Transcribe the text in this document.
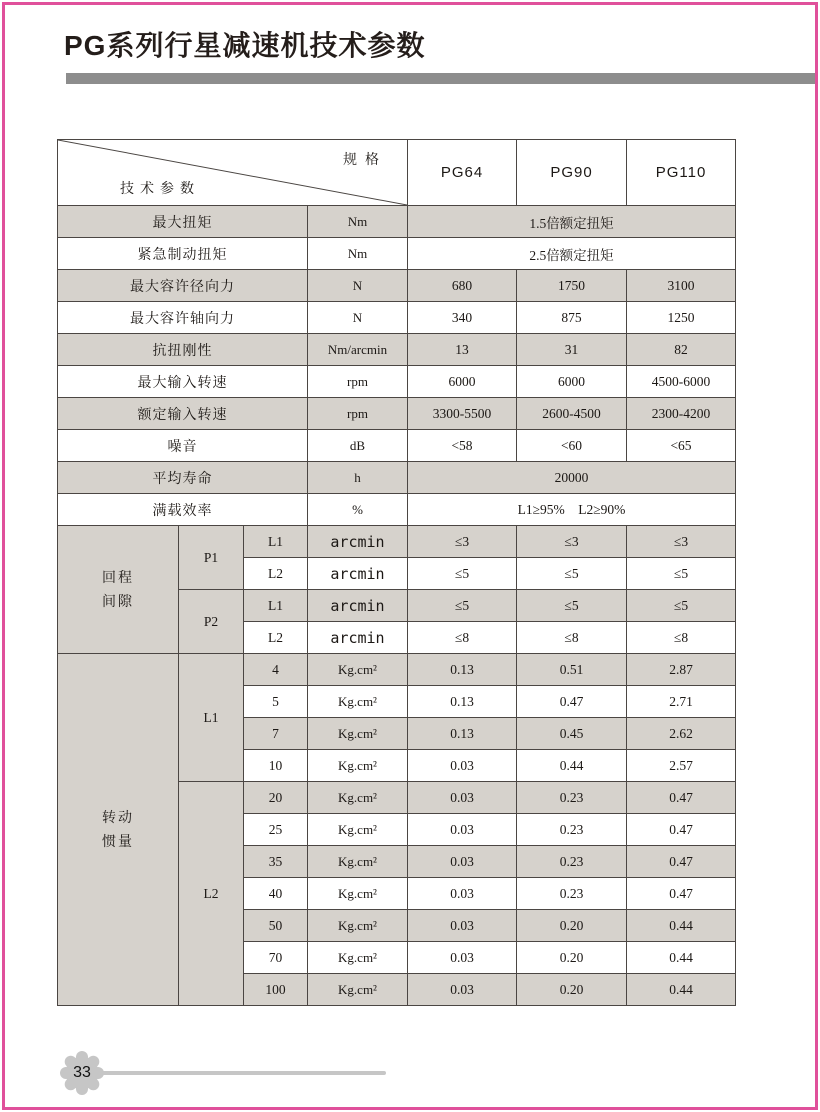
PG系列行星减速机技术参数
规格
技术参数				PG64	PG90	PG110
最大扭矩			Nm	1.5倍额定扭矩		
紧急制动扭矩			Nm	2.5倍额定扭矩		
最大容许径向力			N	680	1750	3100
最大容许轴向力			N	340	875	1250
抗扭刚性			Nm/arcmin	13	31	82
最大输入转速			rpm	6000	6000	4500-6000
额定输入转速			rpm	3300-5500	2600-4500	2300-4200
噪音			dB	<58	<60	<65
平均寿命			h	20000		
满载效率			%	L1≥95%    L2≥90%		

回程
间隙	P1	L1	arcmin	≤3	≤3	≤3
		L2	arcmin	≤5	≤5	≤5
	P2	L1	arcmin	≤5	≤5	≤5
		L2	arcmin	≤8	≤8	≤8

转动
惯量	L1	4	Kg.cm²	0.13	0.51	2.87
		5	Kg.cm²	0.13	0.47	2.71
		7	Kg.cm²	0.13	0.45	2.62
		10	Kg.cm²	0.03	0.44	2.57
	L2	20	Kg.cm²	0.03	0.23	0.47
		25	Kg.cm²	0.03	0.23	0.47
		35	Kg.cm²	0.03	0.23	0.47
		40	Kg.cm²	0.03	0.23	0.47
		50	Kg.cm²	0.03	0.20	0.44
		70	Kg.cm²	0.03	0.20	0.44
		100	Kg.cm²	0.03	0.20	0.44
33
